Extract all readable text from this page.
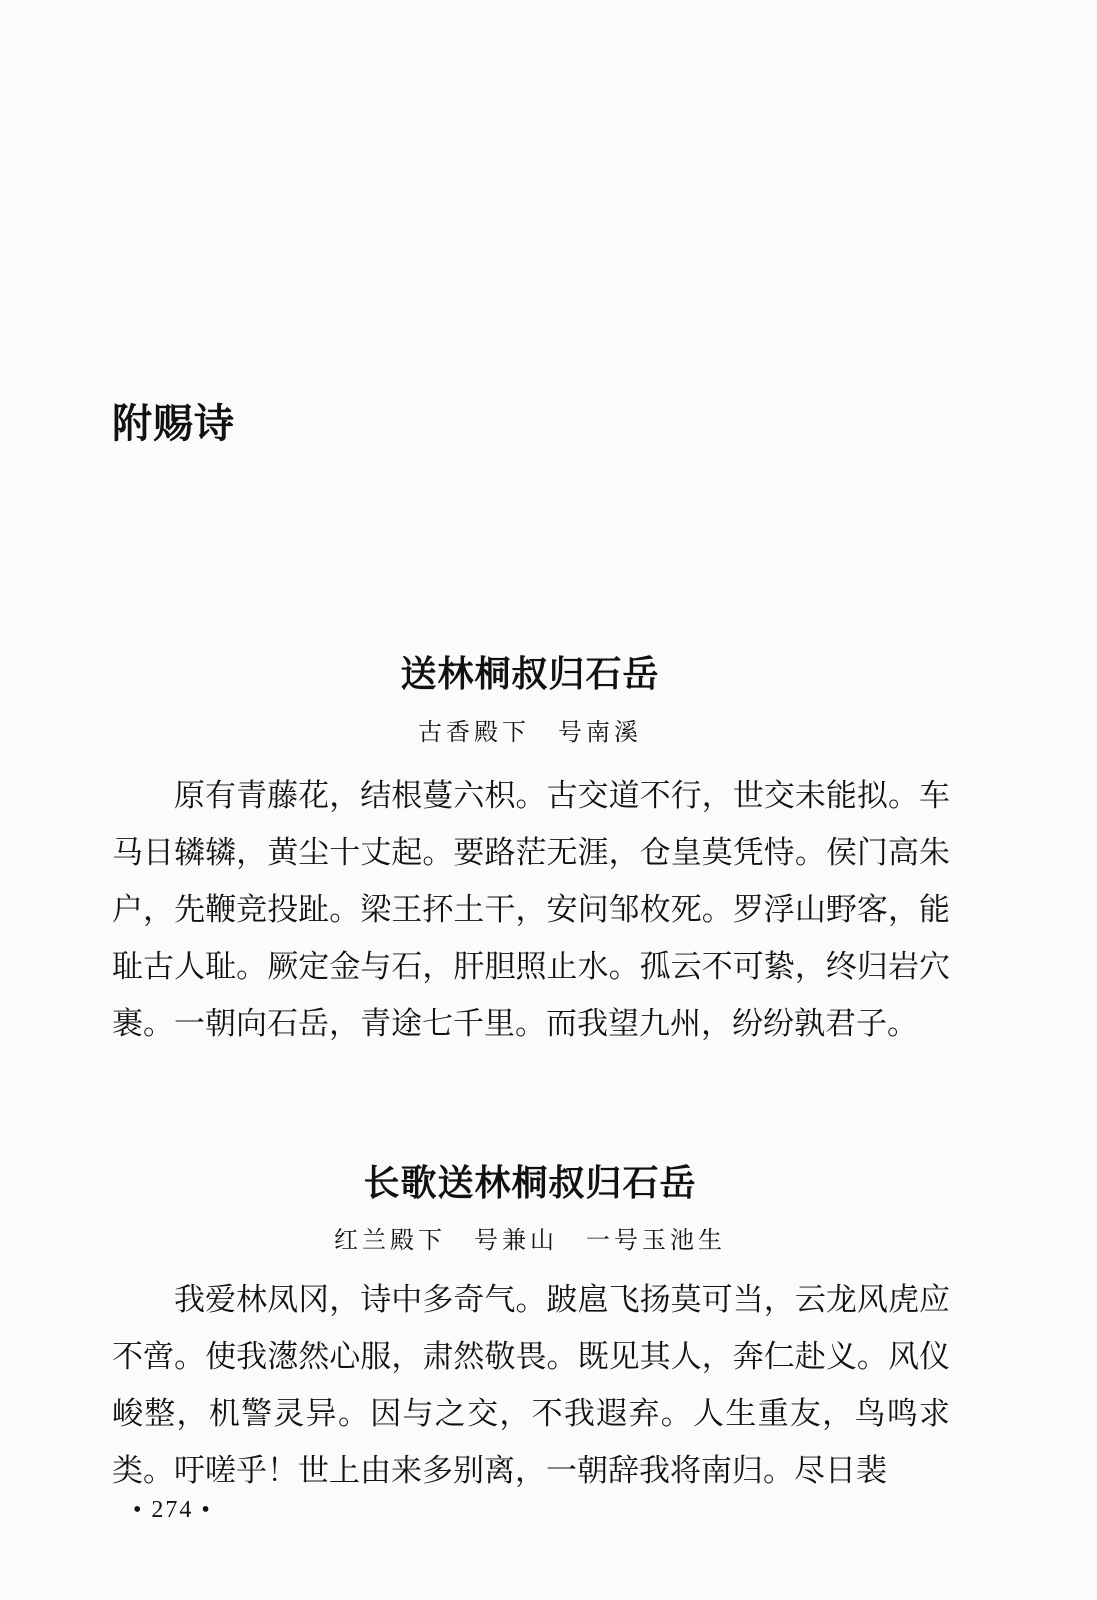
附赐诗
送林桐叔归石岳
古香殿下　号南溪

原有青藤花，结根蔓六枳。古交道不行，世交未能拟。车马日辚辚，黄尘十丈起。要路茫无涯，仓皇莫凭恃。侯门高朱户，先鞭竞投趾。梁王抔土干，安问邹枚死。罗浮山野客，能耻古人耻。厥定金与石，肝胆照止水。孤云不可絷，终归岩穴裹。一朝向石岳，青途七千里。而我望九州，纷纷孰君子。

长歌送林桐叔归石岳
红兰殿下　号兼山　一号玉池生

我爱林凤冈，诗中多奇气。跛扈飞扬莫可当，云龙风虎应不啻。使我濍然心服，肃然敬畏。既见其人，奔仁赴义。风仪峻整，机警灵异。因与之交，不我遐弃。人生重友，鸟鸣求类。吁嗟乎！世上由来多别离，一朝辞我将南归。尽日裴

• 274 •
